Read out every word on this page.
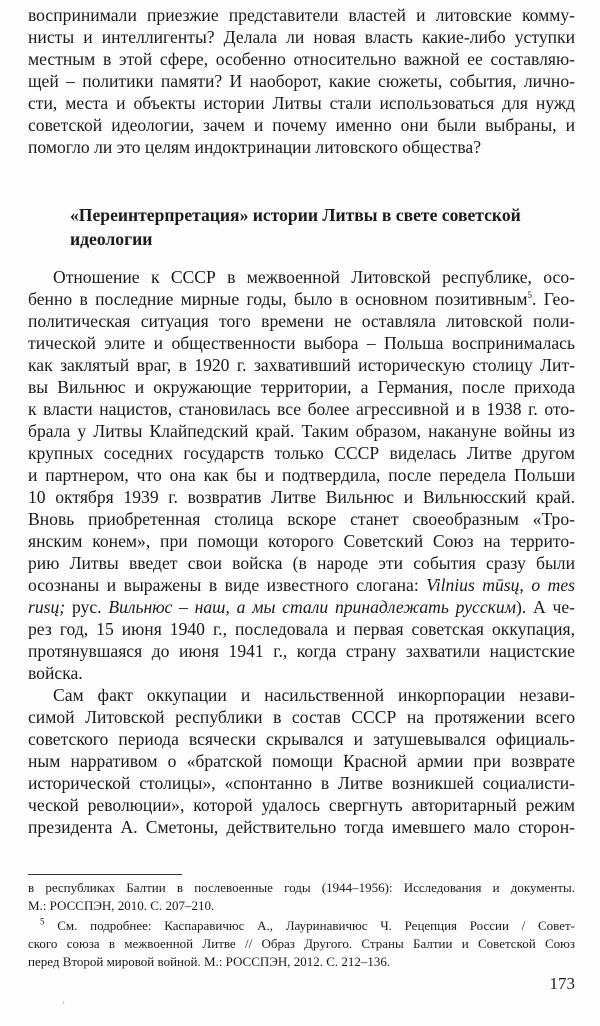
воспринимали приезжие представители властей и литовские комму-
нисты и интеллигенты? Делала ли новая власть какие-либо уступки
местным в этой сфере, особенно относительно важной ее составляю-
щей – политики памяти? И наоборот, какие сюжеты, события, лично-
сти, места и объекты истории Литвы стали использоваться для нужд
советской идеологии, зачем и почему именно они были выбраны, и
помогло ли это целям индоктринации литовского общества?
«Переинтерпретация» истории Литвы в свете советской
идеологии
Отношение к СССР в межвоенной Литовской республике, осо-
бенно в последние мирные годы, было в основном позитивным$^5$. Гео-
политическая ситуация того времени не оставляла литовской поли-
тической элите и общественности выбора – Польша воспринималась
как заклятый враг, в 1920 г. захвативший историческую столицу Лит-
вы Вильнюс и окружающие территории, а Германия, после прихода
к власти нацистов, становилась все более агрессивной и в 1938 г. ото-
брала у Литвы Клайпедский край. Таким образом, накануне войны из
крупных соседних государств только СССР виделась Литве другом
и партнером, что она как бы и подтвердила, после передела Польши
10 октября 1939 г. возвратив Литве Вильнюс и Вильнюсский край.
Вновь приобретенная столица вскоре станет своеобразным «Тро-
янским конем», при помощи которого Советский Союз на террито-
рию Литвы введет свои войска (в народе эти события сразу были
осознаны и выражены в виде известного слогана: Vilnius mūsų, o mes
rusų; рус. Вильнюс – наш, а мы стали принадлежать русским). А че-
рез год, 15 июня 1940 г., последовала и первая советская оккупация,
протянувшаяся до июня 1941 г., когда страну захватили нацистские
войска.
Сам факт оккупации и насильственной инкорпорации незави-
симой Литовской республики в состав СССР на протяжении всего
советского периода всячески скрывался и затушевывался официаль-
ным нарративом о «братской помощи Красной армии при возврате
исторической столицы», «спонтанно в Литве возникшей социалисти-
ческой революции», которой удалось свергнуть авторитарный режим
президента А. Сметоны, действительно тогда имевшего мало сторон-
в республиках Балтии в послевоенные годы (1944–1956): Исследования и документы.
М.: РОССПЭН, 2010. С. 207–210.
$^5$ См. подробнее: Каспаравичюс А., Лауринавичюс Ч. Рецепция России / Совет-
ского союза в межвоенной Литве // Образ Другого. Страны Балтии и Советской Союз
перед Второй мировой войной. М.: РОССПЭН, 2012. С. 212–136.
173
˒
